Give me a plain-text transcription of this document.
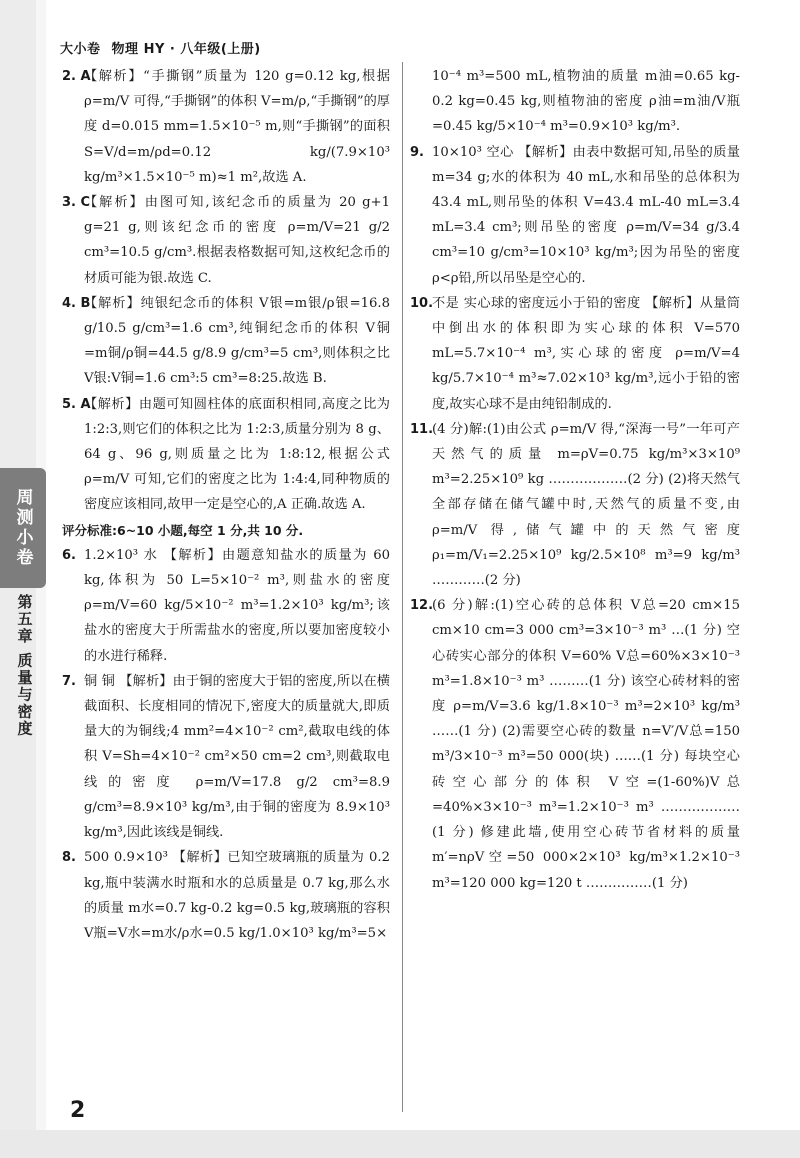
大小卷 物理 HY · 八年级(上册)
周测小卷
第五章 质量与密度
2. A

【解析】“手撕钢”质量为 120 g=0.12 kg,根据 ρ=m/V 可得,“手撕钢”的体积 V=m/ρ,“手撕钢”的厚度 d=0.015 mm=1.5×10⁻⁵ m,则“手撕钢”的面积 S=V/d=m/ρd=0.12 kg/(7.9×10³ kg/m³×1.5×10⁻⁵ m)≈1 m²,故选 A.

3. C

【解析】由图可知,该纪念币的质量为 20 g+1 g=21 g,则该纪念币的密度 ρ=m/V=21 g/2 cm³=10.5 g/cm³.根据表格数据可知,这枚纪念币的材质可能为银.故选 C.

4. B

【解析】纯银纪念币的体积 V银=m银/ρ银=16.8 g/10.5 g/cm³=1.6 cm³,纯铜纪念币的体积 V铜=m铜/ρ铜=44.5 g/8.9 g/cm³=5 cm³,则体积之比 V银:V铜=1.6 cm³:5 cm³=8:25.故选 B.

5. A

【解析】由题可知圆柱体的底面积相同,高度之比为 1:2:3,则它们的体积之比为 1:2:3,质量分别为 8 g、64 g、96 g,则质量之比为 1:8:12,根据公式 ρ=m/V 可知,它们的密度之比为 1:4:4,同种物质的密度应该相同,故甲一定是空心的,A 正确.故选 A.

评分标准:6~10 小题,每空 1 分,共 10 分.

6. 1.2×10³ 水 【解析】由题意知盐水的质量为 60 kg,体积为 50 L=5×10⁻² m³,则盐水的密度 ρ=m/V=60 kg/5×10⁻² m³=1.2×10³ kg/m³;该盐水的密度大于所需盐水的密度,所以要加密度较小的水进行稀释.

7. 铜 铜 【解析】由于铜的密度大于铝的密度,所以在横截面积、长度相同的情况下,密度大的质量就大,即质量大的为铜线;4 mm²=4×10⁻² cm²,截取电线的体积 V=Sh=4×10⁻² cm²×50 cm=2 cm³,则截取电线的密度 ρ=m/V=17.8 g/2 cm³=8.9 g/cm³=8.9×10³ kg/m³,由于铜的密度为 8.9×10³ kg/m³,因此该线是铜线.

8. 500 0.9×10³ 【解析】已知空玻璃瓶的质量为 0.2 kg,瓶中装满水时瓶和水的总质量是 0.7 kg,那么水的质量 m水=0.7 kg-0.2 kg=0.5 kg,玻璃瓶的容积 V瓶=V水=m水/ρ水=0.5 kg/1.0×10³ kg/m³=5×

10⁻⁴ m³=500 mL,植物油的质量 m油=0.65 kg-0.2 kg=0.45 kg,则植物油的密度 ρ油=m油/V瓶=0.45 kg/5×10⁻⁴ m³=0.9×10³ kg/m³.

9. 10×10³ 空心 【解析】由表中数据可知,吊坠的质量 m=34 g;水的体积为 40 mL,水和吊坠的总体积为 43.4 mL,则吊坠的体积 V=43.4 mL-40 mL=3.4 mL=3.4 cm³;则吊坠的密度 ρ=m/V=34 g/3.4 cm³=10 g/cm³=10×10³ kg/m³;因为吊坠的密度 ρ<ρ铅,所以吊坠是空心的.

10.

不是 实心球的密度远小于铅的密度 【解析】从量筒中倒出水的体积即为实心球的体积 V=570 mL=5.7×10⁻⁴ m³,实心球的密度 ρ=m/V=4 kg/5.7×10⁻⁴ m³≈7.02×10³ kg/m³,远小于铅的密度,故实心球不是由纯铅制成的.

11.

(4 分)解:(1)由公式 ρ=m/V 得,“深海一号”一年可产天然气的质量 m=ρV=0.75 kg/m³×3×10⁹ m³=2.25×10⁹ kg ………………(2 分) (2)将天然气全部存储在储气罐中时,天然气的质量不变,由 ρ=m/V 得,储气罐中的天然气密度 ρ₁=m/V₁=2.25×10⁹ kg/2.5×10⁸ m³=9 kg/m³ …………(2 分)

12.

(6 分)解:(1)空心砖的总体积 V总=20 cm×15 cm×10 cm=3 000 cm³=3×10⁻³ m³ …(1 分) 空心砖实心部分的体积 V=60% V总=60%×3×10⁻³ m³=1.8×10⁻³ m³ ………(1 分) 该空心砖材料的密度 ρ=m/V=3.6 kg/1.8×10⁻³ m³=2×10³ kg/m³ ……(1 分) (2)需要空心砖的数量 n=V′/V总=150 m³/3×10⁻³ m³=50 000(块) ……(1 分) 每块空心砖空心部分的体积 V空=(1-60%)V总=40%×3×10⁻³ m³=1.2×10⁻³ m³ ………………(1 分) 修建此墙,使用空心砖节省材料的质量 m′=nρV空=50 000×2×10³ kg/m³×1.2×10⁻³ m³=120 000 kg=120 t ……………(1 分)

2
